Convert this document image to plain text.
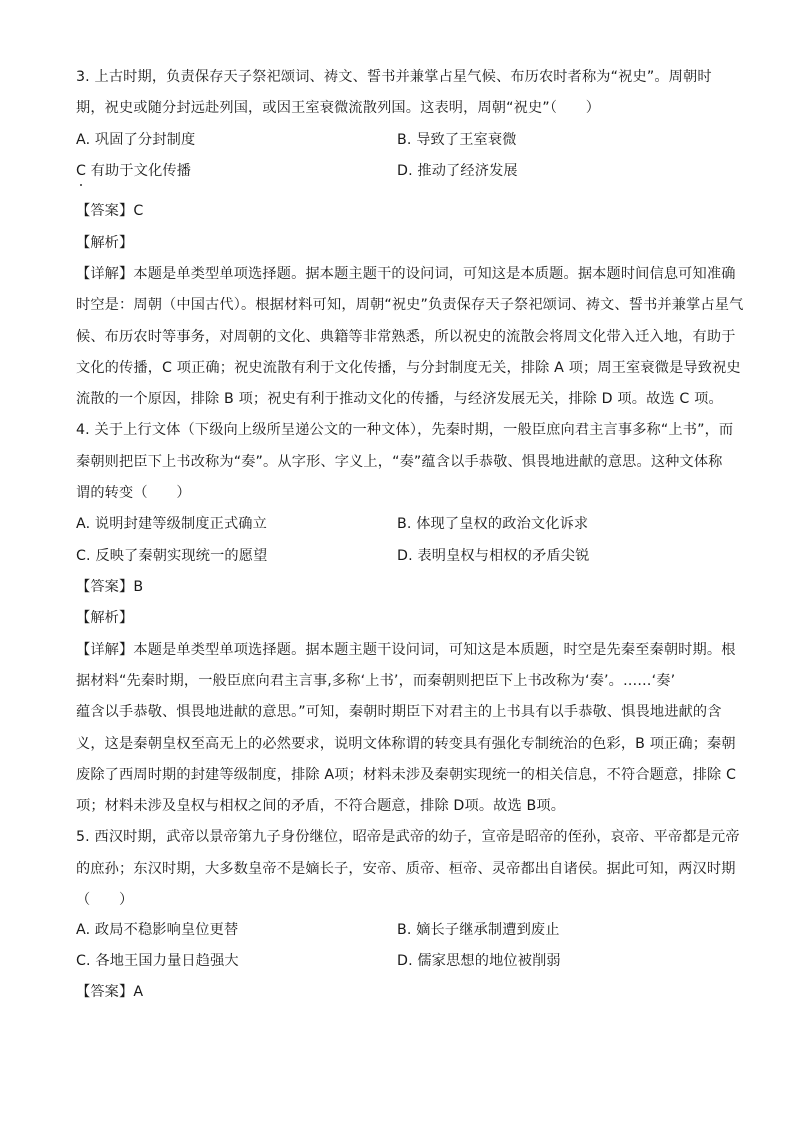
3. 上古时期，负责保存天子祭祀颂词、祷文、誓书并兼掌占星气候、布历农时者称为“祝史”。周朝时
期，祝史或随分封远赴列国，或因王室衰微流散列国。这表明，周朝“祝史”（　　）
A. 巩固了分封制度	B. 导致了王室衰微
C 有助于文化传播	D. 推动了经济发展
【答案】C
【解析】
【详解】本题是单类型单项选择题。据本题主题干的设问词，可知这是本质题。据本题时间信息可知准确
时空是：周朝（中国古代）。根据材料可知，周朝“祝史”负责保存天子祭祀颂词、祷文、誓书并兼掌占星气
候、布历农时等事务，对周朝的文化、典籍等非常熟悉，所以祝史的流散会将周文化带入迁入地，有助于
文化的传播，C 项正确；祝史流散有利于文化传播，与分封制度无关，排除 A 项；周王室衰微是导致祝史
流散的一个原因，排除 B 项；祝史有利于推动文化的传播，与经济发展无关，排除 D 项。故选 C 项。
4. 关于上行文体（下级向上级所呈递公文的一种文体），先秦时期，一般臣庶向君主言事多称“上书”，而
秦朝则把臣下上书改称为“奏”。从字形、字义上，“奏”蕴含以手恭敬、惧畏地进献的意思。这种文体称
谓的转变（　　）
A. 说明封建等级制度正式确立	B. 体现了皇权的政治文化诉求
C. 反映了秦朝实现统一的愿望	D. 表明皇权与相权的矛盾尖锐
【答案】B
【解析】
【详解】本题是单类型单项选择题。据本题主题干设问词，可知这是本质题，时空是先秦至秦朝时期。根
据材料“先秦时期，一般臣庶向君主言事,多称‘上书’，而秦朝则把臣下上书改称为‘奏’。……‘奏’
蕴含以手恭敬、惧畏地进献的意思。”可知，秦朝时期臣下对君主的上书具有以手恭敬、惧畏地进献的含
义，这是秦朝皇权至高无上的必然要求，说明文体称谓的转变具有强化专制统治的色彩，B 项正确；秦朝
废除了西周时期的封建等级制度，排除 A项；材料未涉及秦朝实现统一的相关信息，不符合题意，排除 C
项；材料未涉及皇权与相权之间的矛盾，不符合题意，排除 D项。故选 B项。
5. 西汉时期，武帝以景帝第九子身份继位，昭帝是武帝的幼子，宣帝是昭帝的侄孙，哀帝、平帝都是元帝
的庶孙；东汉时期，大多数皇帝不是嫡长子，安帝、质帝、桓帝、灵帝都出自诸侯。据此可知，两汉时期
（　　）
A. 政局不稳影响皇位更替	B. 嫡长子继承制遭到废止
C. 各地王国力量日趋强大	D. 儒家思想的地位被削弱
【答案】A
